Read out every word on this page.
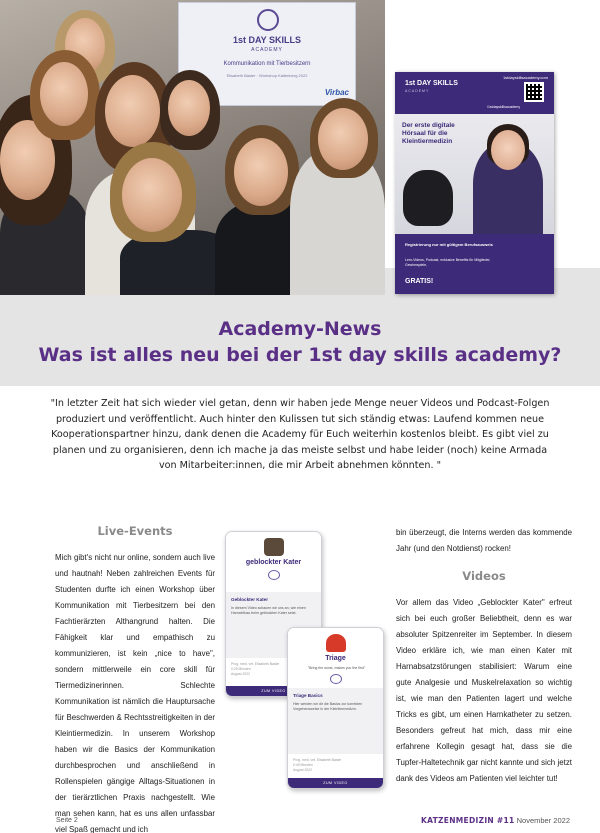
1st DAY SKILLS
ACADEMY
Kommunikation mit Tierbesitzern
Elisabeth Basler · Workshop Kaltenberg 2022
Virbac
1stdayskillsacademy.com
1st DAY SKILLS
ACADEMY
/1stdayskillsacademy
Der erste digitale Hörsaal für die Kleintiermedizin
Registrierung nur mit gültigem Berufsausweis
Lern-Videos, Podcast, exklusive Benefits für Mitglieder, Gewinnspiele,
GRATIS!
Academy-News
Was ist alles neu bei der 1st day skills academy?

"In letzter Zeit hat sich wieder viel getan, denn wir haben jede Menge neuer Videos und Podcast-Folgen produziert und veröffentlicht. Auch hinter den Kulissen tut sich ständig etwas: Laufend kommen neue Kooperationspartner hinzu, dank denen die Academy für Euch weiterhin kostenlos bleibt. Es gibt viel zu planen und zu organisieren, denn ich mache ja das meiste selbst und habe leider (noch) keine Armada von Mitarbeiter:innen, die mir Arbeit abnehmen könnten. "

Live-Events

Mich gibt's nicht nur online, sondern auch live und hautnah! Neben zahlreichen Events für Studenten durfte ich einen Workshop über Kommunikation mit Tierbesitzern bei den Fachtierärzten Althangrund halten. Die Fähigkeit klar und empathisch zu kommunizieren, ist kein „nice to have", sondern mittlerweile ein core skill für Tiermedizinerinnen. Schlechte Kommunikation ist nämlich die Hauptursache für Beschwerden & Rechtsstreitigkeiten in der Kleintiermedizin. In unserem Workshop haben wir die Basics der Kommunikation durchbesprochen und anschließend in Rollenspielen gängige Alltags-Situationen in der tierärztlichen Praxis nachgestellt. Wie man sehen kann, hat es uns allen unfassbar viel Spaß gemacht und ich

geblockter Kater
Geblockter Kater
In diesem Video schauen wir uns an, wie einen Harnabfluss beim geblockten Kater setzt.
Prog. med. vet. Elisabeth Basler
0:29 Minuten
August 2022
ZUM VIDEO
Triage
"Bring the worst, makes you the first"
Triage Basics
Hier werden wir dir die Basics zur korrekten Vorgehensweise in der Kleintiermedizin.
Prog. med. vet. Elisabeth Basler
0:49 Minuten
August 2022
ZUM VIDEO

bin überzeugt, die Interns werden das kommende Jahr (und den Notdienst) rocken!

Videos

Vor allem das Video „Geblockter Kater" erfreut sich bei euch großer Beliebtheit, denn es war absoluter Spitzenreiter im September. In diesem Video erkläre ich, wie man einen Kater mit Harnabsatzstörungen stabilisiert: Warum eine gute Analgesie und Muskelrelaxation so wichtig ist, wie man den Patienten lagert und welche Tricks es gibt, um einen Harnkatheter zu setzen. Besonders gefreut hat mich, dass mir eine erfahrene Kollegin gesagt hat, dass sie die Tupfer-Haltetechnik gar nicht kannte und sich jetzt dank des Videos am Patienten viel leichter tut!

Seite 2	KATZENMEDIZIN #11 November 2022
